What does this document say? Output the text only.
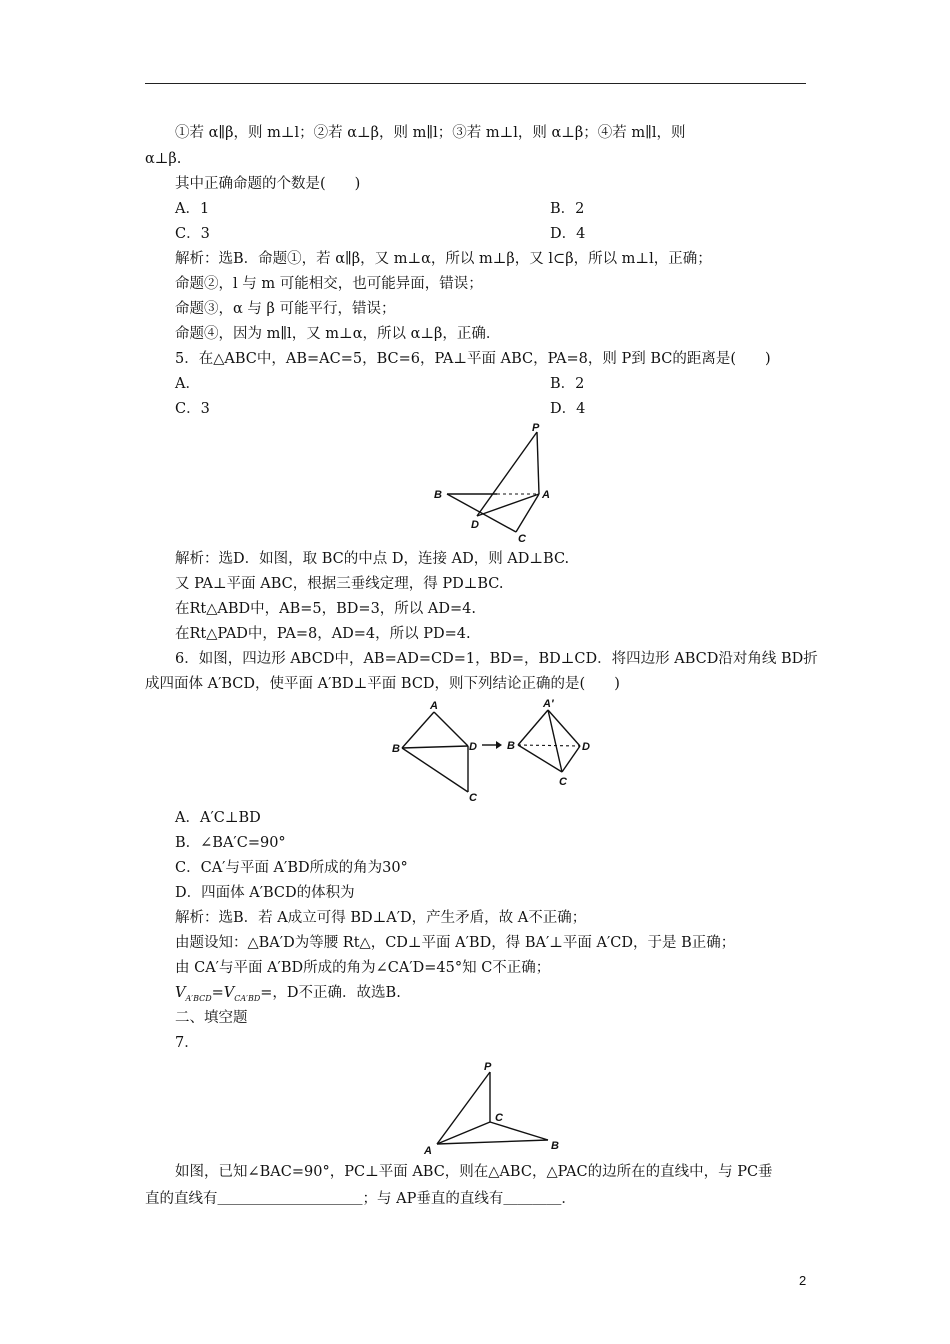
①若 α∥β，则 m⊥l；②若 α⊥β，则 m∥l；③若 m⊥l，则 α⊥β；④若 m∥l，则
α⊥β.
其中正确命题的个数是(　　)
A．1	B．2
C．3	D．4
解析：选B．命题①，若 α∥β，又 m⊥α，所以 m⊥β，又 l⊂β，所以 m⊥l，正确；
命题②，l 与 m 可能相交，也可能异面，错误；
命题③，α 与 β 可能平行，错误；
命题④，因为 m∥l，又 m⊥α，所以 α⊥β，正确．
5．在△ABC中，AB=AC=5，BC=6，PA⊥平面 ABC，PA=8，则 P到 BC的距离是(　　)
A．	B．2
C．3	D．4
P
B	A
D
C
解析：选D．如图，取 BC的中点 D，连接 AD，则 AD⊥BC.
又 PA⊥平面 ABC，根据三垂线定理，得 PD⊥BC.
在Rt△ABD中，AB=5，BD=3，所以 AD=4.
在Rt△PAD中，PA=8，AD=4，所以 PD=4.
6．如图，四边形 ABCD中，AB=AD=CD=1，BD=，BD⊥CD．将四边形 ABCD沿对角线 BD折
成四面体 A′BCD，使平面 A′BD⊥平面 BCD，则下列结论正确的是(　　)
A
B	D
C
A′
B	D
C
A．A′C⊥BD
B．∠BA′C=90°
C．CA′与平面 A′BD所成的角为30°
D．四面体 A′BCD的体积为
解析：选B．若 A成立可得 BD⊥A′D，产生矛盾，故 A不正确；
由题设知：△BA′D为等腰 Rt△，CD⊥平面 A′BD，得 BA′⊥平面 A′CD，于是 B正确；
由 CA′与平面 A′BD所成的角为∠CA′D=45°知 C不正确；
$V_{A'BCD}=V_{CA'BD}=$，D不正确．故选B.
二、填空题
7．
P
C
A	B
如图，已知∠BAC=90°，PC⊥平面 ABC，则在△ABC，△PAC的边所在的直线中，与 PC垂
直的直线有＿＿＿＿＿＿＿＿＿＿；与 AP垂直的直线有＿＿＿＿．
2
